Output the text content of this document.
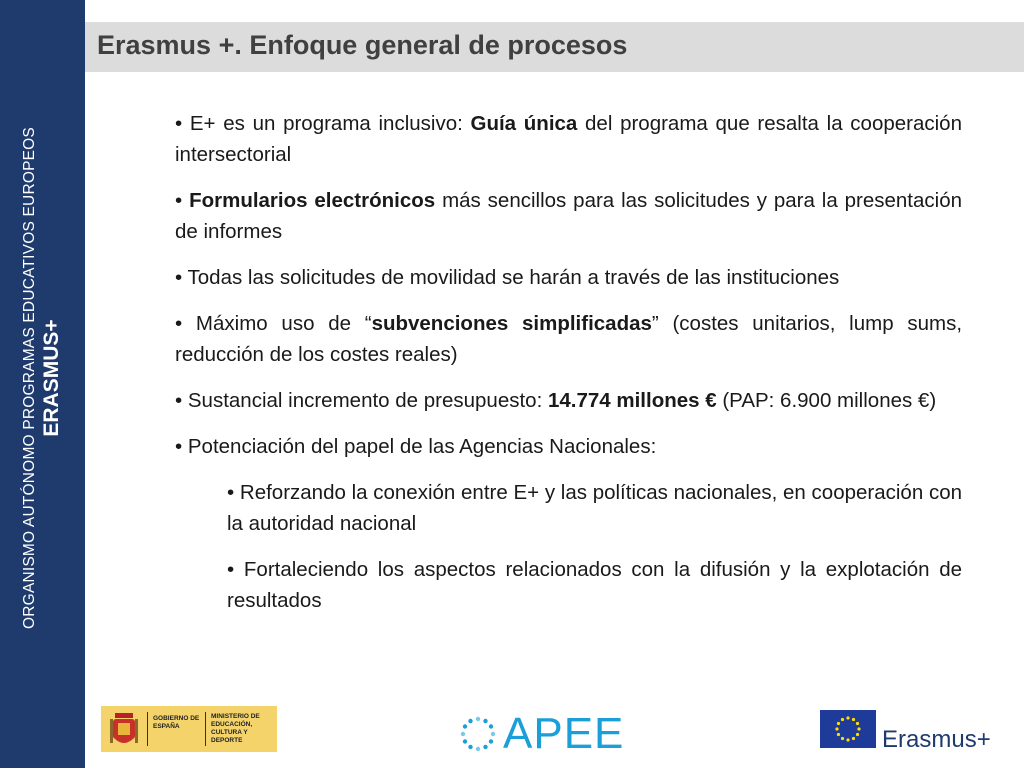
ORGANISMO AUTÓNOMO PROGRAMAS EDUCATIVOS EUROPEOS ERASMUS+
Erasmus +. Enfoque general de procesos

• E+ es un programa inclusivo: Guía única del programa que resalta la cooperación intersectorial

• Formularios electrónicos más sencillos para las solicitudes y para la presentación de informes

• Todas las solicitudes de movilidad se harán a través de las instituciones

• Máximo uso de “subvenciones simplificadas” (costes unitarios, lump sums, reducción de los costes reales)

• Sustancial incremento de presupuesto: 14.774 millones € (PAP: 6.900 millones €)

• Potenciación del papel de las Agencias Nacionales:

• Reforzando la conexión entre E+ y las políticas nacionales, en cooperación con la autoridad nacional

• Fortaleciendo los aspectos relacionados con la difusión y la explotación de resultados

GOBIERNO DE ESPAÑA
MINISTERIO DE EDUCACIÓN, CULTURA Y DEPORTE	APEE	Erasmus+
